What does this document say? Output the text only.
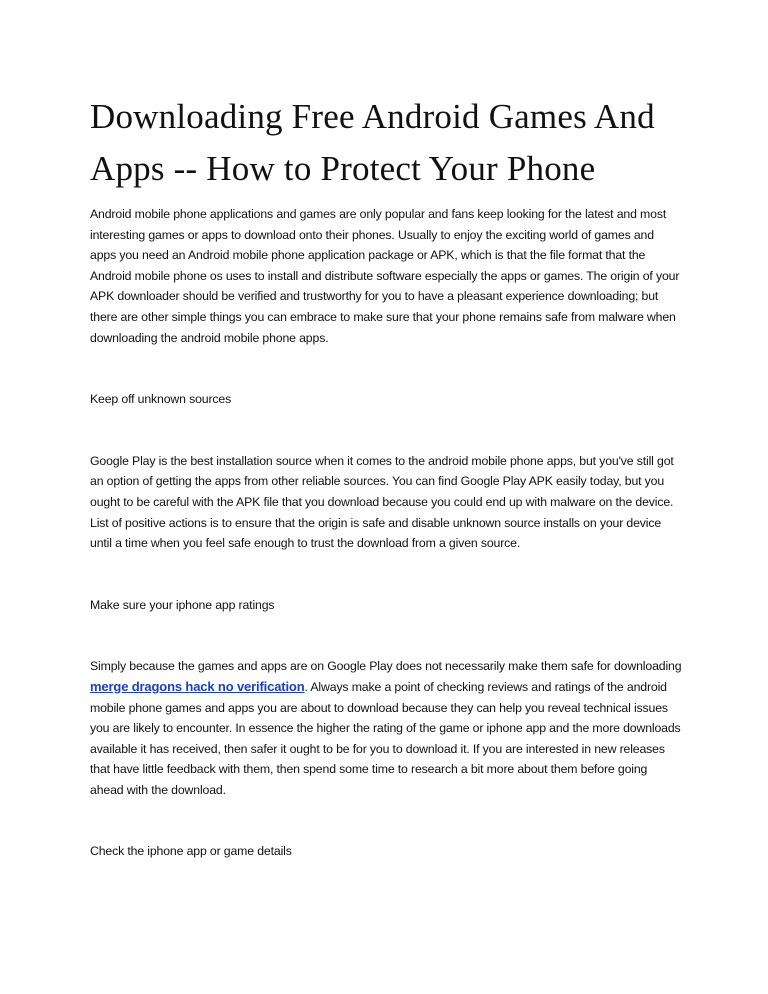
Downloading Free Android Games And Apps -- How to Protect Your Phone

Android mobile phone applications and games are only popular and fans keep looking for the latest and most interesting games or apps to download onto their phones. Usually to enjoy the exciting world of games and apps you need an Android mobile phone application package or APK, which is that the file format that the Android mobile phone os uses to install and distribute software especially the apps or games. The origin of your APK downloader should be verified and trustworthy for you to have a pleasant experience downloading; but there are other simple things you can embrace to make sure that your phone remains safe from malware when downloading the android mobile phone apps.

Keep off unknown sources

Google Play is the best installation source when it comes to the android mobile phone apps, but you've still got an option of getting the apps from other reliable sources. You can find Google Play APK easily today, but you ought to be careful with the APK file that you download because you could end up with malware on the device. List of positive actions is to ensure that the origin is safe and disable unknown source installs on your device until a time when you feel safe enough to trust the download from a given source.

Make sure your iphone app ratings

Simply because the games and apps are on Google Play does not necessarily make them safe for downloading merge dragons hack no verification. Always make a point of checking reviews and ratings of the android mobile phone games and apps you are about to download because they can help you reveal technical issues you are likely to encounter. In essence the higher the rating of the game or iphone app and the more downloads available it has received, then safer it ought to be for you to download it. If you are interested in new releases that have little feedback with them, then spend some time to research a bit more about them before going ahead with the download.

Check the iphone app or game details
